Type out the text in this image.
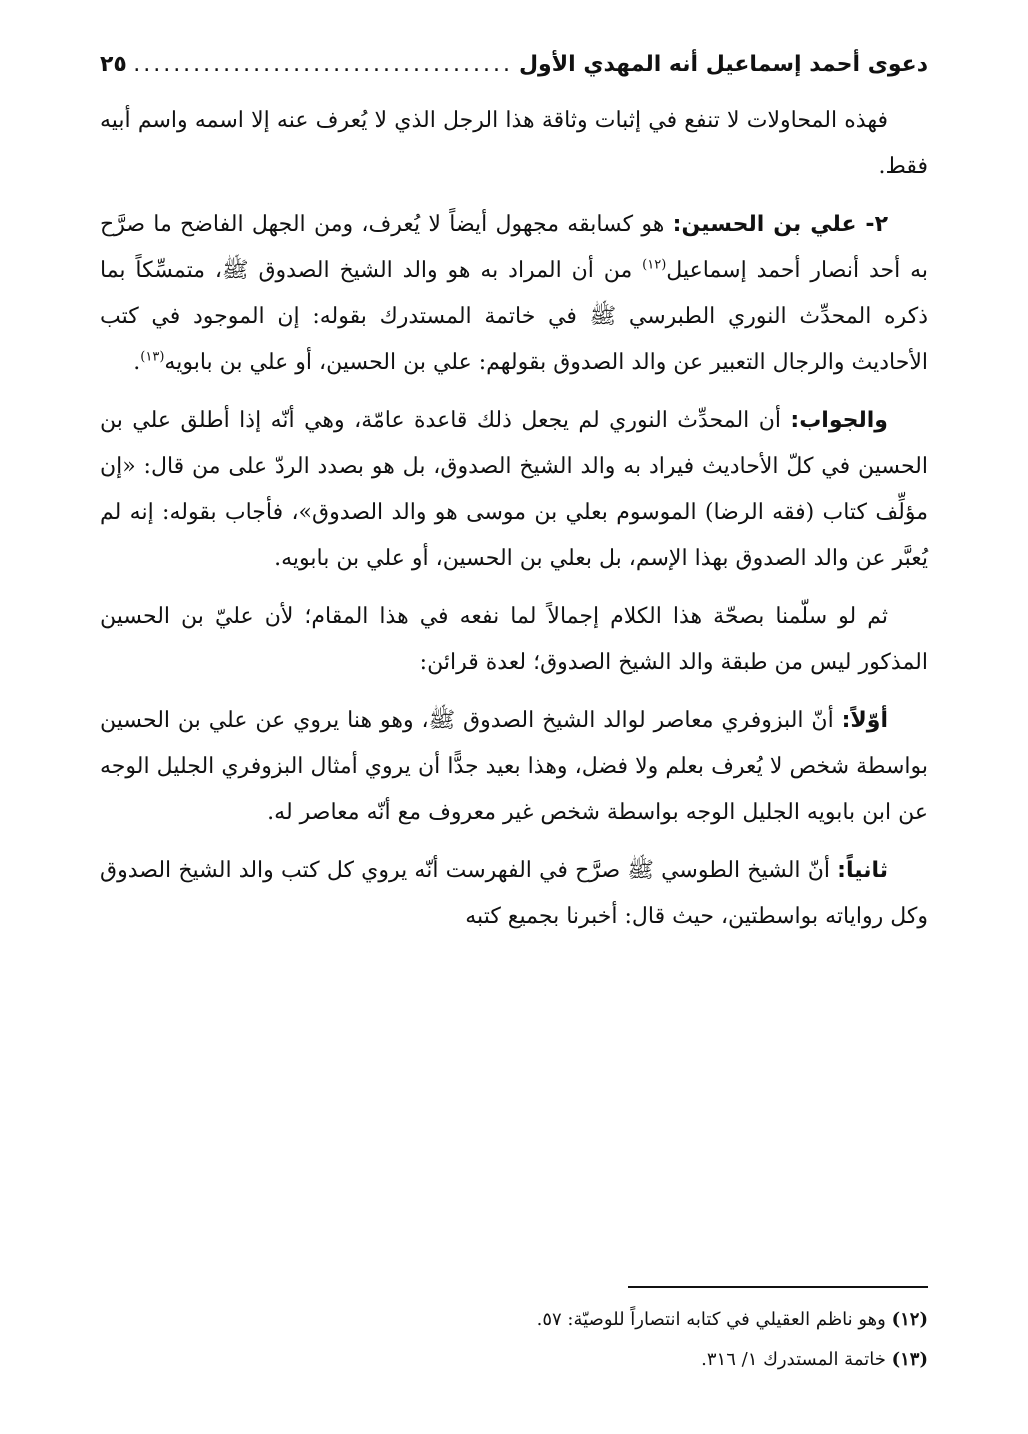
دعوى أحمد إسماعيل أنه المهدي الأول
.....
٢٥

فهذه المحاولات لا تنفع في إثبات وثاقة هذا الرجل الذي لا يُعرف عنه إلا اسمه واسم أبيه فقط.

٢- علي بن الحسين: هو كسابقه مجهول أيضاً لا يُعرف، ومن الجهل الفاضح ما صرَّح به أحد أنصار أحمد إسماعيل$^{(١٢)}$ من أن المراد به هو والد الشيخ الصدوق ﷺ، متمسِّكاً بما ذكره المحدِّث النوري الطبرسي ﷺ في خاتمة المستدرك بقوله: إن الموجود في كتب الأحاديث والرجال التعبير عن والد الصدوق بقولهم: علي بن الحسين، أو علي بن بابويه$^{(١٣)}$.

والجواب: أن المحدِّث النوري لم يجعل ذلك قاعدة عامّة، وهي أنّه إذا أطلق علي بن الحسين في كلّ الأحاديث فيراد به والد الشيخ الصدوق، بل هو بصدد الردّ على من قال: «إن مؤلِّف كتاب (فقه الرضا) الموسوم بعلي بن موسى هو والد الصدوق»، فأجاب بقوله: إنه لم يُعبَّر عن والد الصدوق بهذا الإسم، بل بعلي بن الحسين، أو علي بن بابويه.

ثم لو سلّمنا بصحّة هذا الكلام إجمالاً لما نفعه في هذا المقام؛ لأن عليّ بن الحسين المذكور ليس من طبقة والد الشيخ الصدوق؛ لعدة قرائن:

أوّلاً: أنّ البزوفري معاصر لوالد الشيخ الصدوق ﷺ، وهو هنا يروي عن علي بن الحسين بواسطة شخص لا يُعرف بعلم ولا فضل، وهذا بعيد جدًّا أن يروي أمثال البزوفري الجليل الوجه عن ابن بابويه الجليل الوجه بواسطة شخص غير معروف مع أنّه معاصر له.

ثانياً: أنّ الشيخ الطوسي ﷺ صرَّح في الفهرست أنّه يروي كل كتب والد الشيخ الصدوق وكل رواياته بواسطتين، حيث قال: أخبرنا بجميع كتبه

(١٢) وهو ناظم العقيلي في كتابه انتصاراً للوصيّة: ٥٧.

(١٣) خاتمة المستدرك ١/ ٣١٦.
